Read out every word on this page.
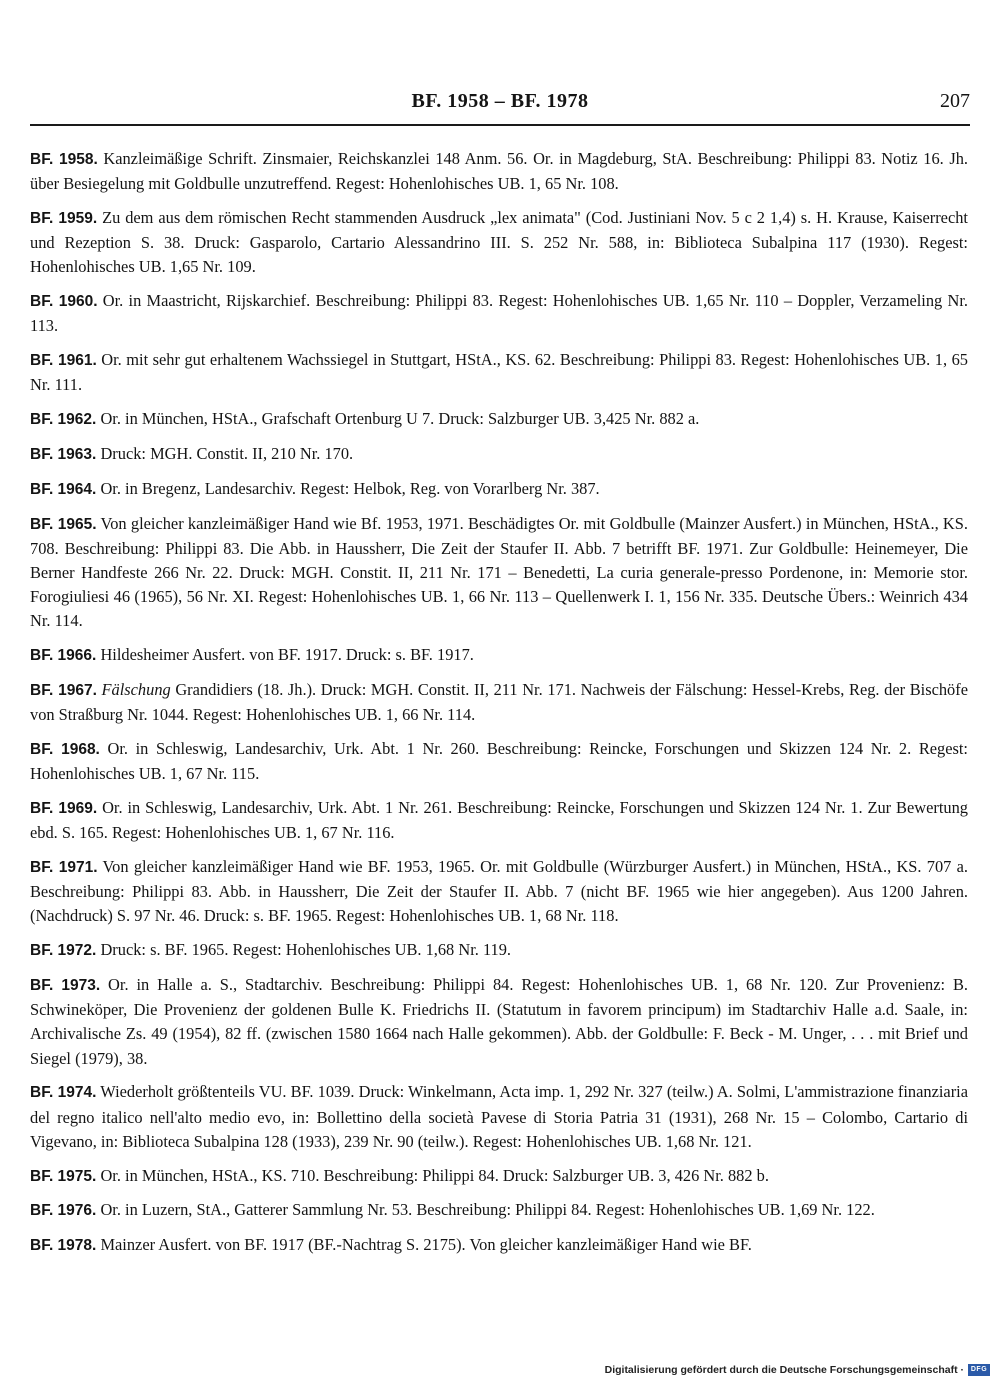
BF. 1958 – BF. 1978	207

BF. 1958. Kanzleimäßige Schrift. Zinsmaier, Reichskanzlei 148 Anm. 56. Or. in Magdeburg, StA. Beschreibung: Philippi 83. Notiz 16. Jh. über Besiegelung mit Goldbulle unzutreffend. Regest: Hohenlohisches UB. 1, 65 Nr. 108.

BF. 1959. Zu dem aus dem römischen Recht stammenden Ausdruck „lex animata" (Cod. Justiniani Nov. 5 c 2 1,4) s. H. Krause, Kaiserrecht und Rezeption S. 38. Druck: Gasparolo, Cartario Alessandrino III. S. 252 Nr. 588, in: Biblioteca Subalpina 117 (1930). Regest: Hohenlohisches UB. 1,65 Nr. 109.

BF. 1960. Or. in Maastricht, Rijskarchief. Beschreibung: Philippi 83. Regest: Hohenlohisches UB. 1,65 Nr. 110 – Doppler, Verzameling Nr. 113.

BF. 1961. Or. mit sehr gut erhaltenem Wachssiegel in Stuttgart, HStA., KS. 62. Beschreibung: Philippi 83. Regest: Hohenlohisches UB. 1, 65 Nr. 111.

BF. 1962. Or. in München, HStA., Grafschaft Ortenburg U 7. Druck: Salzburger UB. 3,425 Nr. 882 a.

BF. 1963. Druck: MGH. Constit. II, 210 Nr. 170.

BF. 1964. Or. in Bregenz, Landesarchiv. Regest: Helbok, Reg. von Vorarlberg Nr. 387.

BF. 1965. Von gleicher kanzleimäßiger Hand wie Bf. 1953, 1971. Beschädigtes Or. mit Goldbulle (Mainzer Ausfert.) in München, HStA., KS. 708. Beschreibung: Philippi 83. Die Abb. in Haussherr, Die Zeit der Staufer II. Abb. 7 betrifft BF. 1971. Zur Goldbulle: Heinemeyer, Die Berner Handfeste 266 Nr. 22. Druck: MGH. Constit. II, 211 Nr. 171 – Benedetti, La curia generale-presso Pordenone, in: Memorie stor. Forogiuliesi 46 (1965), 56 Nr. XI. Regest: Hohenlohisches UB. 1, 66 Nr. 113 – Quellenwerk I. 1, 156 Nr. 335. Deutsche Übers.: Weinrich 434 Nr. 114.

BF. 1966. Hildesheimer Ausfert. von BF. 1917. Druck: s. BF. 1917.

BF. 1967. Fälschung Grandidiers (18. Jh.). Druck: MGH. Constit. II, 211 Nr. 171. Nachweis der Fälschung: Hessel-Krebs, Reg. der Bischöfe von Straßburg Nr. 1044. Regest: Hohenlohisches UB. 1, 66 Nr. 114.

BF. 1968. Or. in Schleswig, Landesarchiv, Urk. Abt. 1 Nr. 260. Beschreibung: Reincke, Forschungen und Skizzen 124 Nr. 2. Regest: Hohenlohisches UB. 1, 67 Nr. 115.

BF. 1969. Or. in Schleswig, Landesarchiv, Urk. Abt. 1 Nr. 261. Beschreibung: Reincke, Forschungen und Skizzen 124 Nr. 1. Zur Bewertung ebd. S. 165. Regest: Hohenlohisches UB. 1, 67 Nr. 116.

BF. 1971. Von gleicher kanzleimäßiger Hand wie BF. 1953, 1965. Or. mit Goldbulle (Würzburger Ausfert.) in München, HStA., KS. 707 a. Beschreibung: Philippi 83. Abb. in Haussherr, Die Zeit der Staufer II. Abb. 7 (nicht BF. 1965 wie hier angegeben). Aus 1200 Jahren. (Nachdruck) S. 97 Nr. 46. Druck: s. BF. 1965. Regest: Hohenlohisches UB. 1, 68 Nr. 118.

BF. 1972. Druck: s. BF. 1965. Regest: Hohenlohisches UB. 1,68 Nr. 119.

BF. 1973. Or. in Halle a. S., Stadtarchiv. Beschreibung: Philippi 84. Regest: Hohenlohisches UB. 1, 68 Nr. 120. Zur Provenienz: B. Schwineköper, Die Provenienz der goldenen Bulle K. Friedrichs II. (Statutum in favorem principum) im Stadtarchiv Halle a.d. Saale, in: Archivalische Zs. 49 (1954), 82 ff. (zwischen 1580 1664 nach Halle gekommen). Abb. der Goldbulle: F. Beck - M. Unger, . . . mit Brief und Siegel (1979), 38.

BF. 1974. Wiederholt größtenteils VU. BF. 1039. Druck: Winkelmann, Acta imp. 1, 292 Nr. 327 (teilw.) A. Solmi, L'ammistrazione finanziaria del regno italico nell'alto medio evo, in: Bollettino della società Pavese di Storia Patria 31 (1931), 268 Nr. 15 – Colombo, Cartario di Vigevano, in: Biblioteca Subalpina 128 (1933), 239 Nr. 90 (teilw.). Regest: Hohenlohisches UB. 1,68 Nr. 121.

BF. 1975. Or. in München, HStA., KS. 710. Beschreibung: Philippi 84. Druck: Salzburger UB. 3, 426 Nr. 882 b.

BF. 1976. Or. in Luzern, StA., Gatterer Sammlung Nr. 53. Beschreibung: Philippi 84. Regest: Hohenlohisches UB. 1,69 Nr. 122.

BF. 1978. Mainzer Ausfert. von BF. 1917 (BF.-Nachtrag S. 2175). Von gleicher kanzleimäßiger Hand wie BF.

Digitalisierung gefördert durch die Deutsche Forschungsgemeinschaft · DFG
